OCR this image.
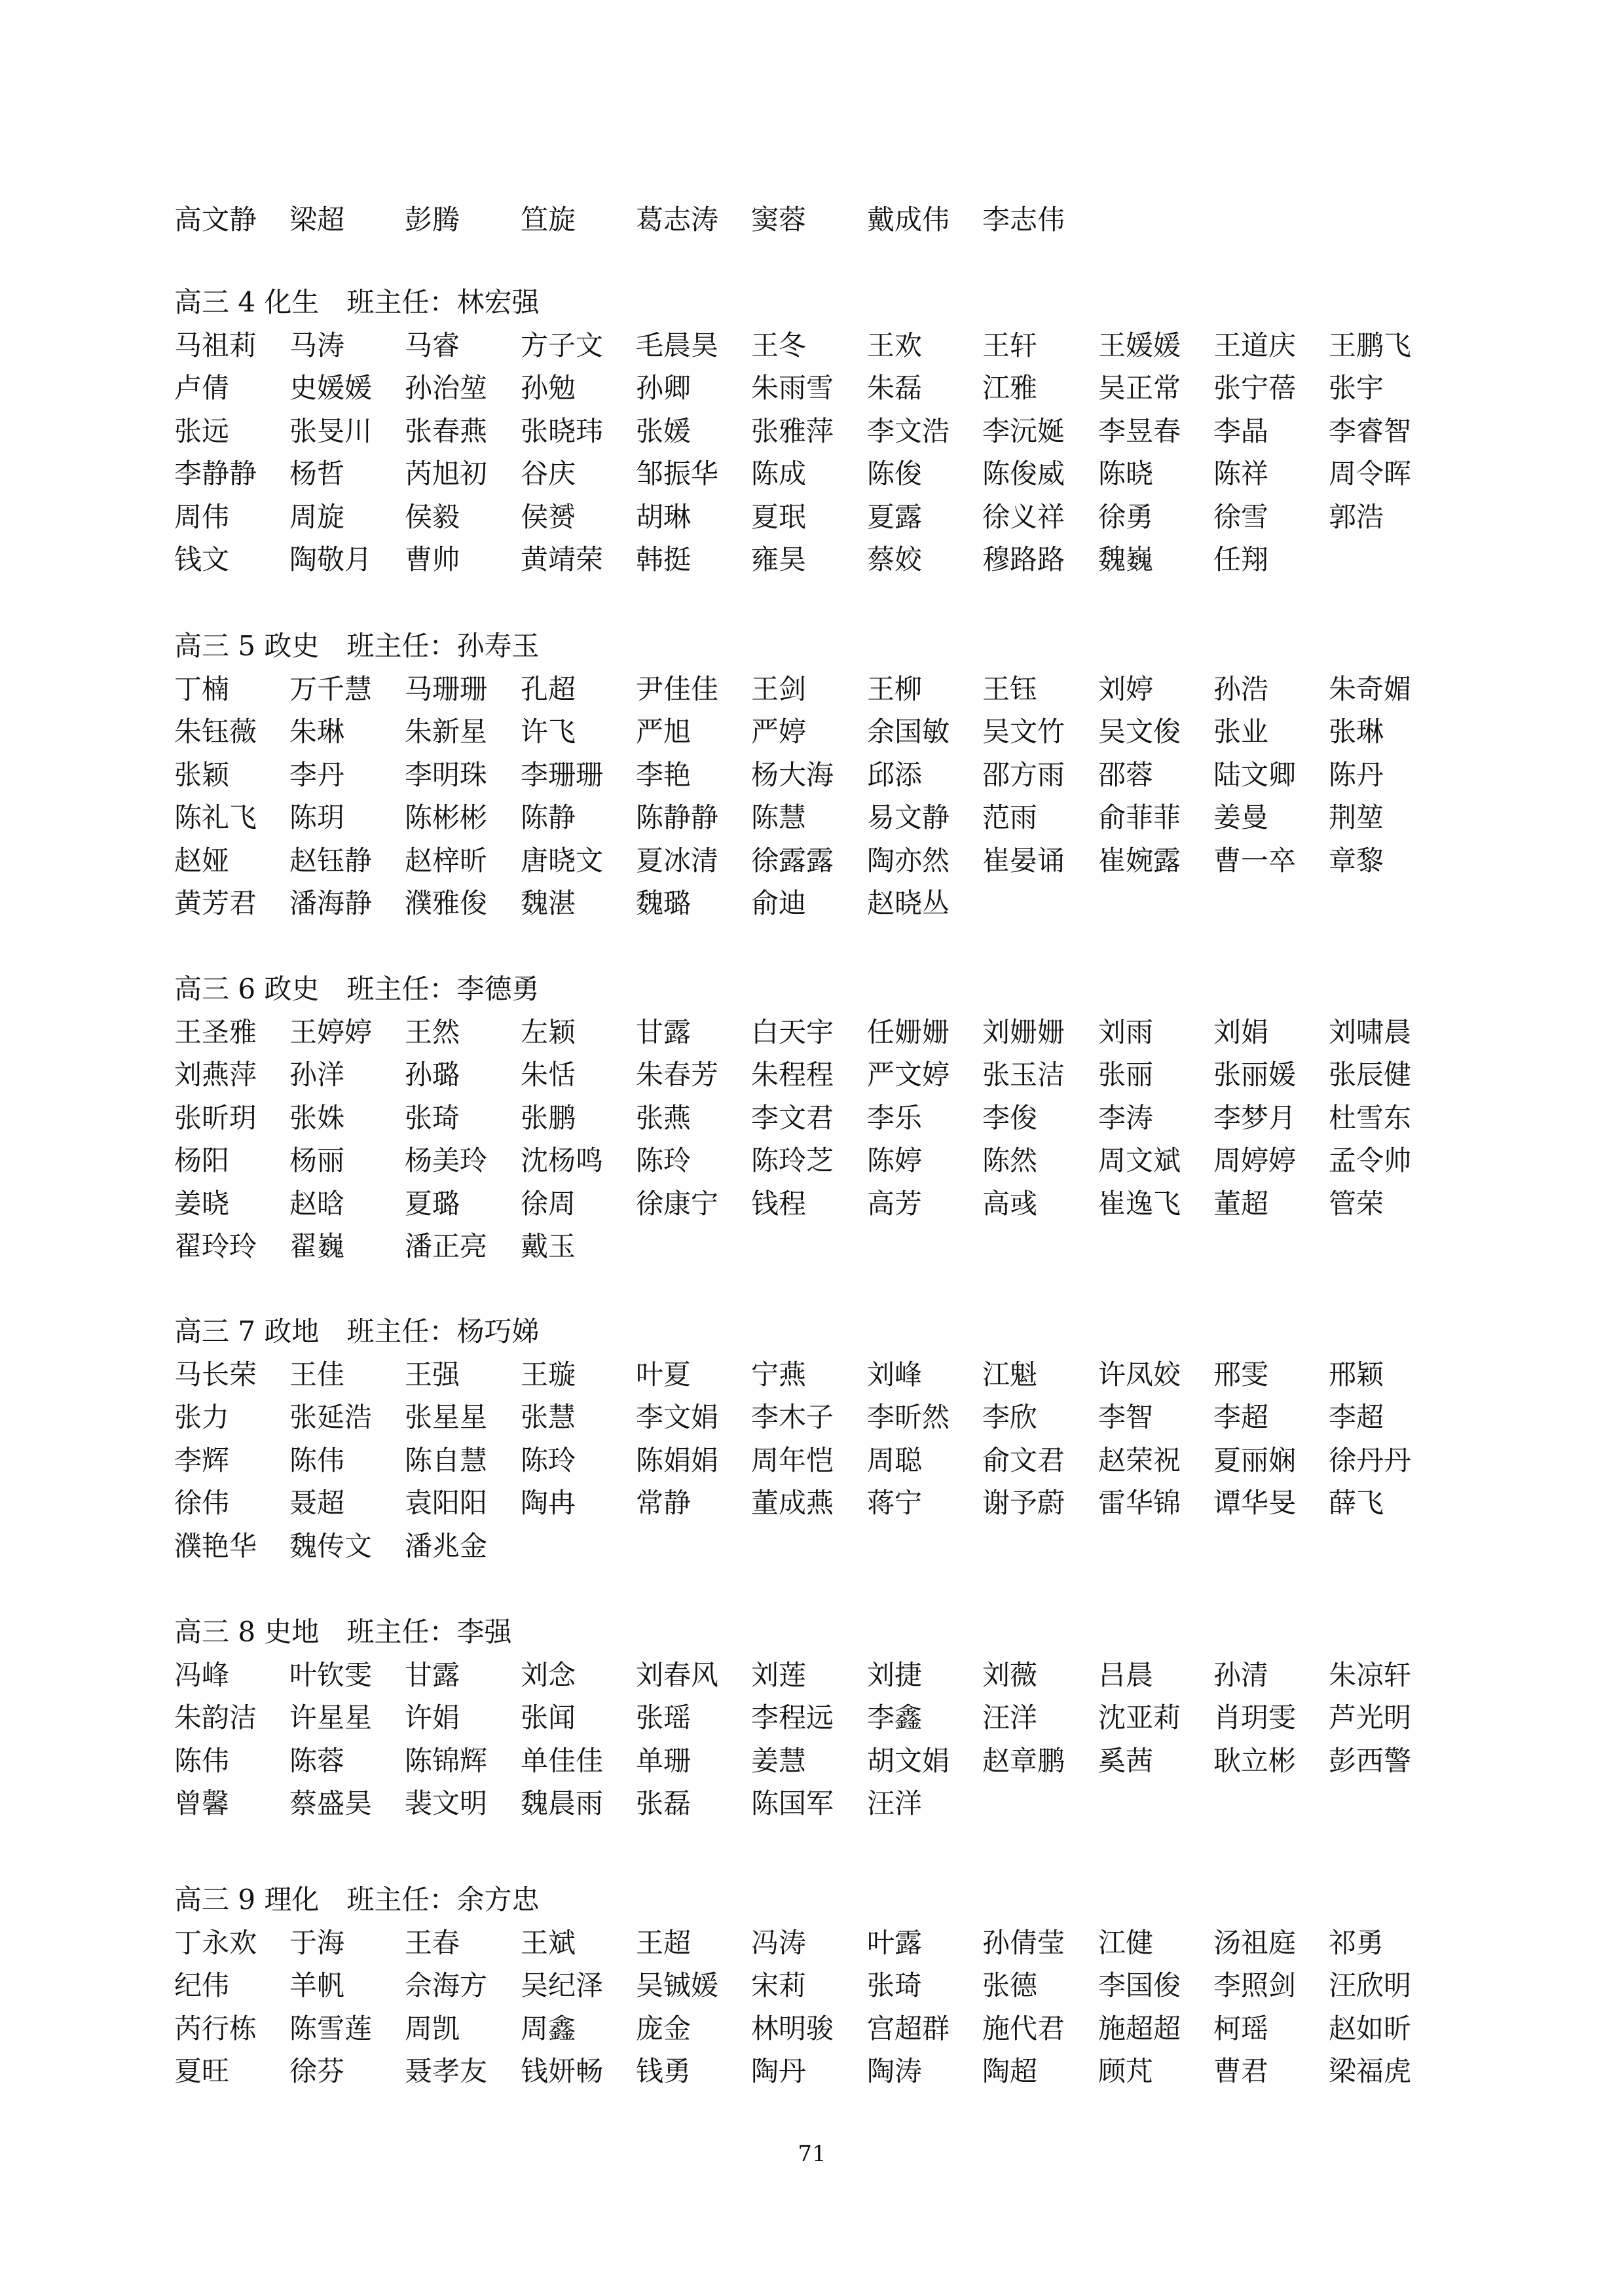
高文静 梁超 彭腾 笪旋 葛志涛 窦蓉 戴成伟 李志伟
高三 4 化生 班主任：林宏强
马祖莉 马涛 马睿 方子文 毛晨昊 王冬 王欢 王轩 王媛媛 王道庆 王鹏飞
卢倩 史媛媛 孙治堃 孙勉 孙卿 朱雨雪 朱磊 江雅 吴正常 张宁蓓 张宇
张远 张旻川 张春燕 张晓玮 张媛 张雅萍 李文浩 李沅娫 李昱春 李晶 李睿智
李静静 杨哲 芮旭初 谷庆 邹振华 陈成 陈俊 陈俊威 陈晓 陈祥 周令晖
周伟 周旋 侯毅 侯赟 胡琳 夏珉 夏露 徐义祥 徐勇 徐雪 郭浩
钱文 陶敬月 曹帅 黄靖荣 韩挺 雍昊 蔡姣 穆路路 魏巍 任翔
高三 5 政史 班主任：孙寿玉
丁楠 万千慧 马珊珊 孔超 尹佳佳 王剑 王柳 王钰 刘婷 孙浩 朱奇媚
朱钰薇 朱琳 朱新星 许飞 严旭 严婷 余国敏 吴文竹 吴文俊 张业 张琳
张颖 李丹 李明珠 李珊珊 李艳 杨大海 邱添 邵方雨 邵蓉 陆文卿 陈丹
陈礼飞 陈玥 陈彬彬 陈静 陈静静 陈慧 易文静 范雨 俞菲菲 姜曼 荆堃
赵娅 赵钰静 赵梓昕 唐晓文 夏冰清 徐露露 陶亦然 崔晏诵 崔婉露 曹一卒 章黎
黄芳君 潘海静 濮雅俊 魏湛 魏璐 俞迪 赵晓丛
高三 6 政史 班主任：李德勇
王圣雅 王婷婷 王然 左颖 甘露 白天宇 任姗姗 刘姗姗 刘雨 刘娟 刘啸晨
刘燕萍 孙洋 孙璐 朱恬 朱春芳 朱程程 严文婷 张玉洁 张丽 张丽媛 张辰健
张昕玥 张姝 张琦 张鹏 张燕 李文君 李乐 李俊 李涛 李梦月 杜雪东
杨阳 杨丽 杨美玲 沈杨鸣 陈玲 陈玲芝 陈婷 陈然 周文斌 周婷婷 孟令帅
姜晓 赵晗 夏璐 徐周 徐康宁 钱程 高芳 高彧 崔逸飞 董超 管荣
翟玲玲 翟巍 潘正亮 戴玉
高三 7 政地 班主任：杨巧娣
马长荣 王佳 王强 王璇 叶夏 宁燕 刘峰 江魁 许凤姣 邢雯 邢颖
张力 张延浩 张星星 张慧 李文娟 李木子 李昕然 李欣 李智 李超 李超
李辉 陈伟 陈自慧 陈玲 陈娟娟 周年恺 周聪 俞文君 赵荣祝 夏丽娴 徐丹丹
徐伟 聂超 袁阳阳 陶冉 常静 董成燕 蒋宁 谢予蔚 雷华锦 谭华旻 薛飞
濮艳华 魏传文 潘兆金
高三 8 史地 班主任：李强
冯峰 叶钦雯 甘露 刘念 刘春风 刘莲 刘捷 刘薇 吕晨 孙清 朱凉轩
朱韵洁 许星星 许娟 张闻 张瑶 李程远 李鑫 汪洋 沈亚莉 肖玥雯 芦光明
陈伟 陈蓉 陈锦辉 单佳佳 单珊 姜慧 胡文娟 赵章鹏 奚茜 耿立彬 彭西警
曾馨 蔡盛昊 裴文明 魏晨雨 张磊 陈国军 汪洋
高三 9 理化 班主任：余方忠
丁永欢 于海 王春 王斌 王超 冯涛 叶露 孙倩莹 江健 汤祖庭 祁勇
纪伟 羊帆 佘海方 吴纪泽 吴铖媛 宋莉 张琦 张德 李国俊 李照剑 汪欣明
芮行栋 陈雪莲 周凯 周鑫 庞金 林明骏 宫超群 施代君 施超超 柯瑶 赵如昕
夏旺 徐芬 聂孝友 钱妍畅 钱勇 陶丹 陶涛 陶超 顾芃 曹君 梁福虎
71
